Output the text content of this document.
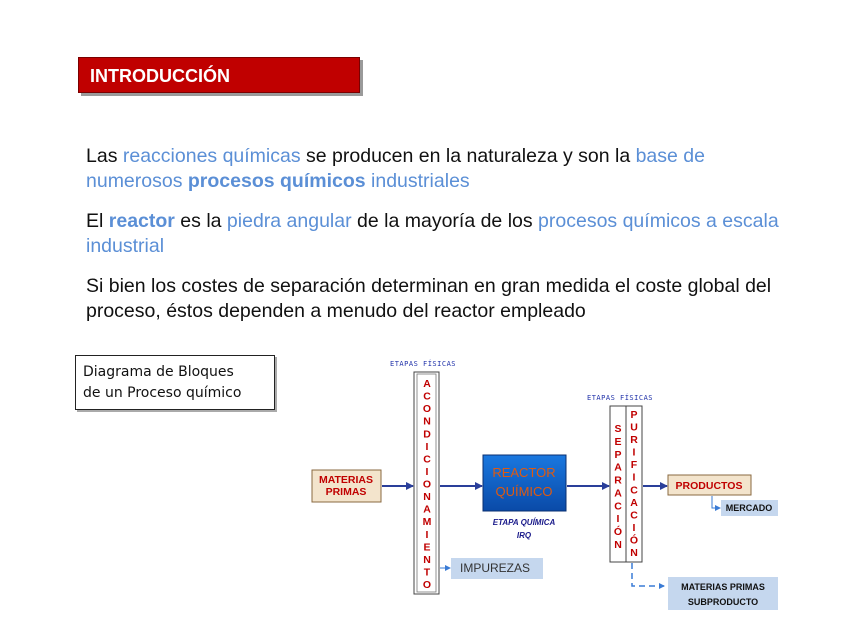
INTRODUCCIÓN
Las reacciones químicas se producen en la naturaleza y son la base de numerosos procesos químicos industriales
El reactor es la piedra angular de la mayoría de los procesos químicos a escala industrial
Si bien los costes de separación determinan en gran medida el coste global del proceso, éstos dependen a menudo del reactor empleado
Diagrama de Bloques
de un Proceso químico
ETAPAS FÍSICAS
MATERIAS
PRIMAS
A
C
O
N
D
I
C
I
O
N
A
M
I
E
N
T
O
REACTOR
QUÍMICO
ETAPA QUÍMICA
IRQ
ETAPAS FÍSICAS
S
E
P
A
R
A
C
I
Ó
N
P
U
R
I
F
I
C
A
C
I
Ó
N
PRODUCTOS
MERCADO
IMPUREZAS
MATERIAS PRIMAS
SUBPRODUCTO
